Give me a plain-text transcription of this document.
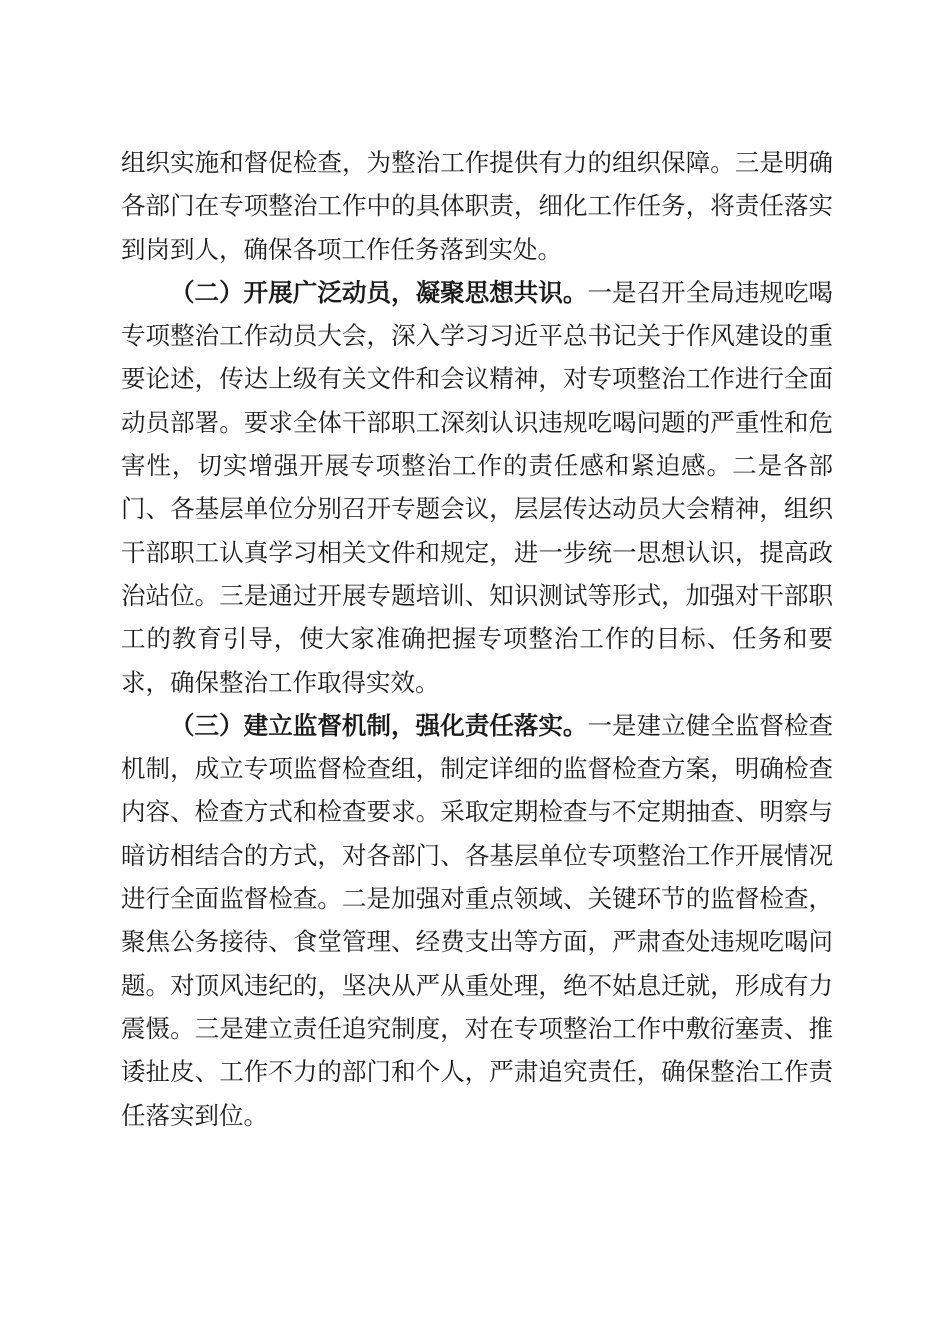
组织实施和督促检查，为整治工作提供有力的组织保障。三是明确各部门在专项整治工作中的具体职责，细化工作任务，将责任落实到岗到人，确保各项工作任务落到实处。

（二）开展广泛动员，凝聚思想共识。一是召开全局违规吃喝专项整治工作动员大会，深入学习习近平总书记关于作风建设的重要论述，传达上级有关文件和会议精神，对专项整治工作进行全面动员部署。要求全体干部职工深刻认识违规吃喝问题的严重性和危害性，切实增强开展专项整治工作的责任感和紧迫感。二是各部门、各基层单位分别召开专题会议，层层传达动员大会精神，组织干部职工认真学习相关文件和规定，进一步统一思想认识，提高政治站位。三是通过开展专题培训、知识测试等形式，加强对干部职工的教育引导，使大家准确把握专项整治工作的目标、任务和要求，确保整治工作取得实效。

（三）建立监督机制，强化责任落实。一是建立健全监督检查机制，成立专项监督检查组，制定详细的监督检查方案，明确检查内容、检查方式和检查要求。采取定期检查与不定期抽查、明察与暗访相结合的方式，对各部门、各基层单位专项整治工作开展情况进行全面监督检查。二是加强对重点领域、关键环节的监督检查，聚焦公务接待、食堂管理、经费支出等方面，严肃查处违规吃喝问题。对顶风违纪的，坚决从严从重处理，绝不姑息迁就，形成有力震慑。三是建立责任追究制度，对在专项整治工作中敷衍塞责、推诿扯皮、工作不力的部门和个人，严肃追究责任，确保整治工作责任落实到位。
